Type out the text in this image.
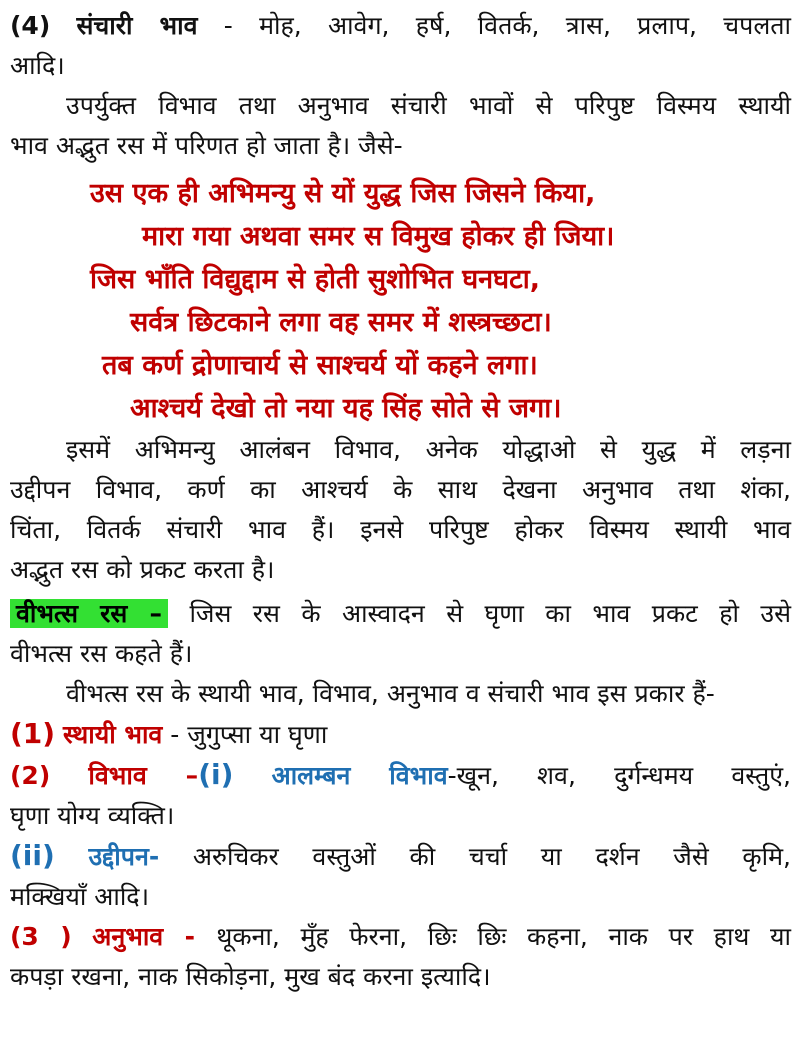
(4) संचारी भाव - मोह, आवेग, हर्ष, वितर्क, त्रास, प्रलाप, चपलता

आदि।

उपर्युक्त विभाव तथा अनुभाव संचारी भावों से परिपुष्ट विस्मय स्थायी

भाव अद्भुत रस में परिणत हो जाता है। जैसे-

उस एक ही अभिमन्यु से यों युद्ध जिस जिसने किया,

मारा गया अथवा समर स विमुख होकर ही जिया।

जिस भाँति विद्युद्दाम से होती सुशोभित घनघटा,

सर्वत्र छिटकाने लगा वह समर में शस्त्रच्छटा।

तब कर्ण द्रोणाचार्य से साश्चर्य यों कहने लगा।

आश्चर्य देखो तो नया यह सिंह सोते से जगा।

इसमें अभिमन्यु आलंबन विभाव, अनेक योद्धाओ से युद्ध में लड़ना

उद्दीपन विभाव, कर्ण का आश्चर्य के साथ देखना अनुभाव तथा शंका,

चिंता, वितर्क संचारी भाव हैं। इनसे परिपुष्ट होकर विस्मय स्थायी भाव

अद्भुत रस को प्रकट करता है।

वीभत्स रस – जिस रस के आस्वादन से घृणा का भाव प्रकट हो उसे

वीभत्स रस कहते हैं।

वीभत्स रस के स्थायी भाव, विभाव, अनुभाव व संचारी भाव इस प्रकार हैं-

(1) स्थायी भाव - जुगुप्सा या घृणा

(2) विभाव –(i) आलम्बन विभाव-खून, शव, दुर्गन्धमय वस्तुएं,

घृणा योग्य व्यक्ति।

(ii) उद्दीपन- अरुचिकर वस्तुओं की चर्चा या दर्शन जैसे कृमि,

मक्खियाँ आदि।

(3 ) अनुभाव - थूकना, मुँह फेरना, छिः छिः कहना, नाक पर हाथ या

कपड़ा रखना, नाक सिकोड़ना, मुख बंद करना इत्यादि।
